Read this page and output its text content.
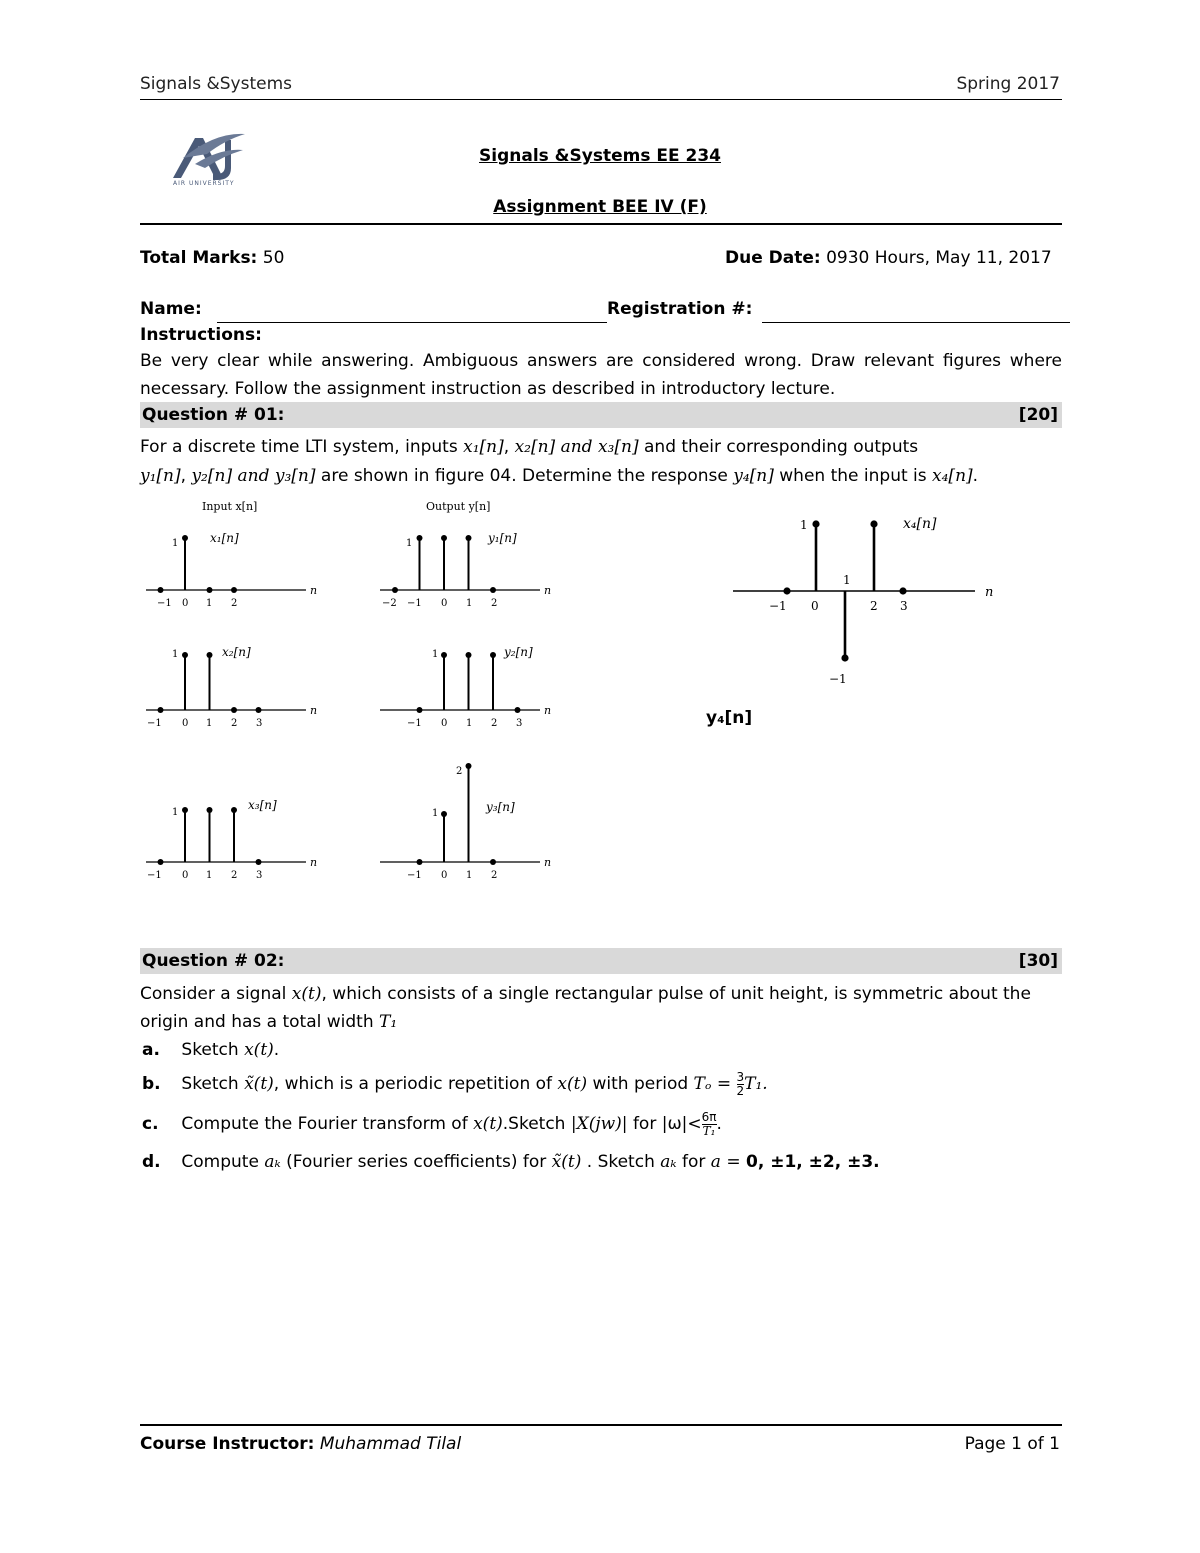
Signals &Systems	Spring 2017
AIR UNIVERSITY
Signals &Systems EE 234
Assignment BEE IV (F)
Total Marks: 50	Due Date: 0930 Hours, May 11, 2017
Name:	Registration #:
Instructions:
Be very clear while answering. Ambiguous answers are considered wrong. Draw relevant figures where necessary. Follow the assignment instruction as described in introductory lecture.
Question # 01:	[20]
For a discrete time LTI system, inputs x₁[n], x₂[n] and x₃[n] and their corresponding outputs
y₁[n], y₂[n] and y₃[n] are shown in figure 04. Determine the response y₄[n] when the input is x₄[n].
Input x[n]	Output y[n]
n
x₁[n]
1
−1 0 1 2
n
y₁[n]
1
−2 −1 0 1 2
n
x₂[n]
1
−1 0 1 2 3
n
y₂[n]
1
−1 0 1 2 3
n
x₃[n]
1
−1 0 1 2 3
n
y₃[n]
1
2
−1 0 1 2
n
x₄[n]
1
1
−1
−1 0	2 3
y₄[n]
Question # 02:	[30]
Consider a signal x(t), which consists of a single rectangular pulse of unit height, is symmetric about the
origin and has a total width T₁
a. Sketch x(t).
b. Sketch x̃(t), which is a periodic repetition of x(t) with period $T_o = \frac{3}{2} T_1$.
c. Compute the Fourier transform of x(t).Sketch |X(jw)| for $|\omega|< \frac{6\pi}{\text{T₁}}$ .
d. Compute aₖ (Fourier series coefficients) for x̃(t) . Sketch aₖ for a = 0, ±1, ±2, ±3.
Course Instructor: Muhammad Tilal	Page 1 of 1
